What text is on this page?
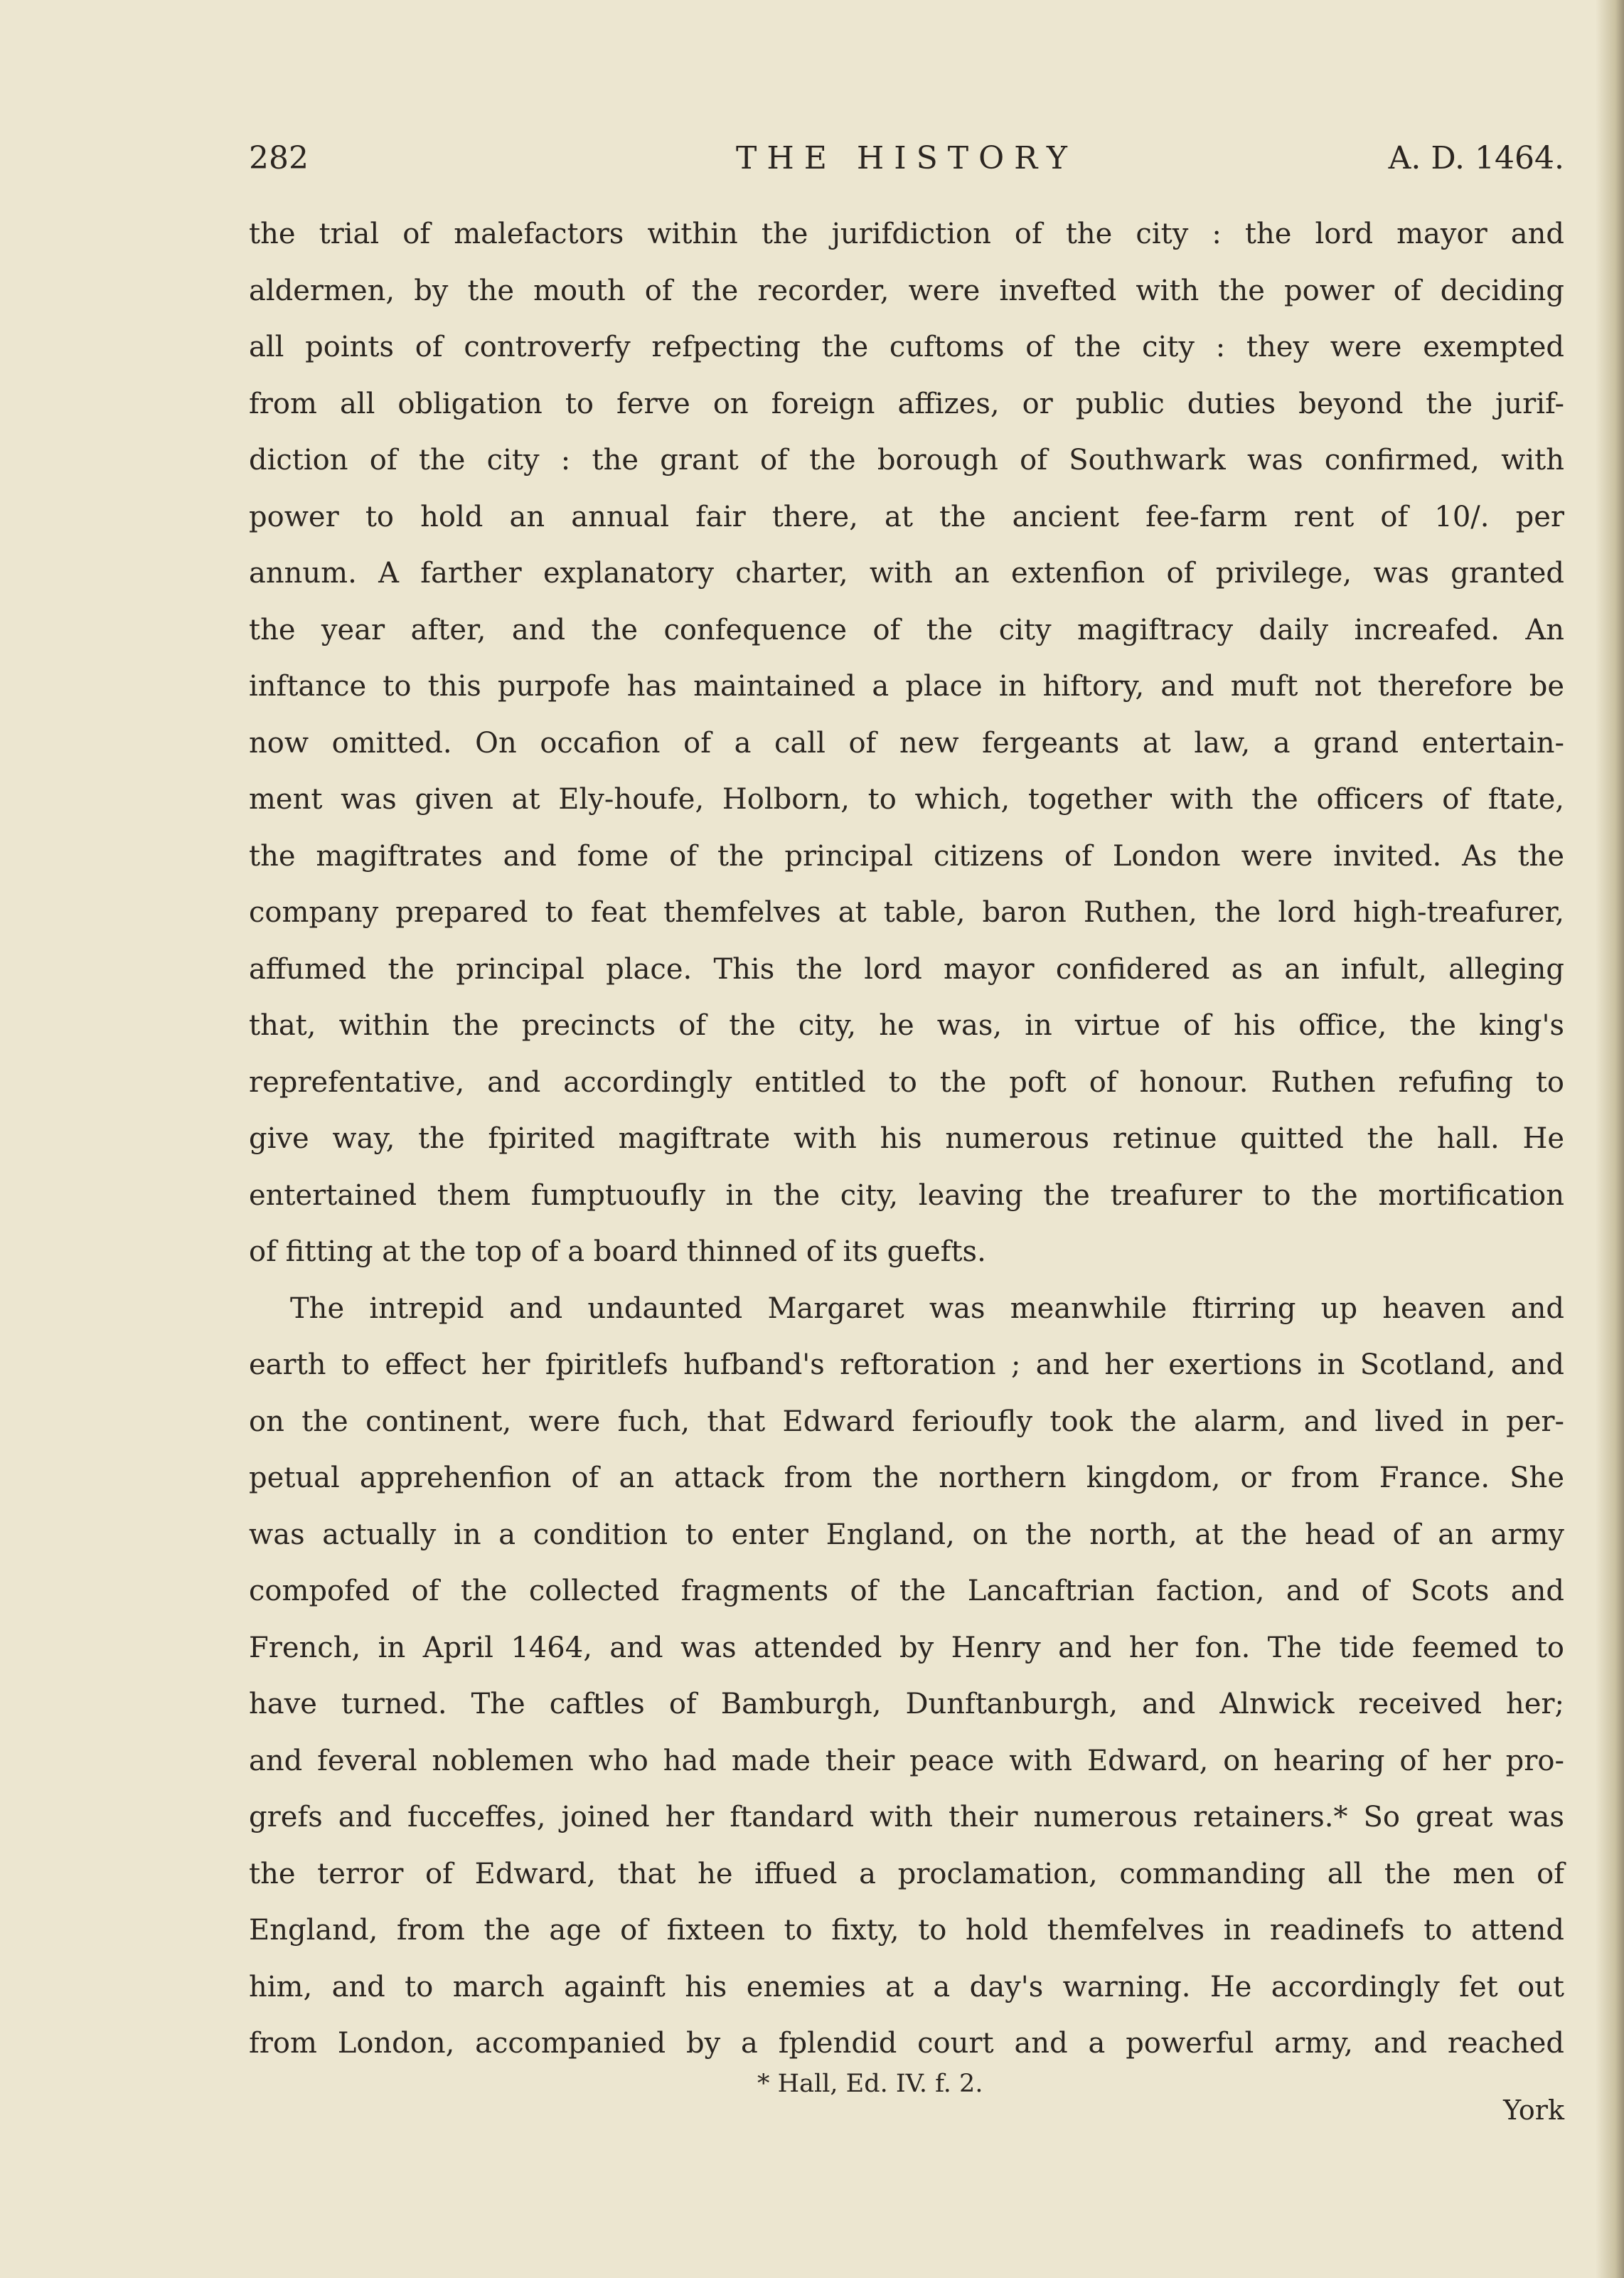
282	THE HISTORY	A. D. 1464.
the trial of malefactors within the jurifdiction of the city : the lord mayor and
aldermen, by the mouth of the recorder, were invefted with the power of deciding
all points of controverfy refpecting the cuftoms of the city : they were exempted
from all obligation to ferve on foreign affizes, or public duties beyond the jurif-
diction of the city : the grant of the borough of Southwark was confirmed, with
power to hold an annual fair there, at the ancient fee-farm rent of 10/. per
annum. A farther explanatory charter, with an extenfion of privilege, was granted
the year after, and the confequence of the city magiftracy daily increafed. An
inftance to this purpofe has maintained a place in hiftory, and muft not therefore be
now omitted. On occafion of a call of new fergeants at law, a grand entertain-
ment was given at Ely-houfe, Holborn, to which, together with the officers of ftate,
the magiftrates and fome of the principal citizens of London were invited. As the
company prepared to feat themfelves at table, baron Ruthen, the lord high-treafurer,
affumed the principal place. This the lord mayor confidered as an infult, alleging
that, within the precincts of the city, he was, in virtue of his office, the king's
reprefentative, and accordingly entitled to the poft of honour. Ruthen refufing to
give way, the fpirited magiftrate with his numerous retinue quitted the hall. He
entertained them fumptuoufly in the city, leaving the treafurer to the mortification
of fitting at the top of a board thinned of its guefts.
The intrepid and undaunted Margaret was meanwhile ftirring up heaven and
earth to effect her fpiritlefs hufband's reftoration ; and her exertions in Scotland, and
on the continent, were fuch, that Edward ferioufly took the alarm, and lived in per-
petual apprehenfion of an attack from the northern kingdom, or from France. She
was actually in a condition to enter England, on the north, at the head of an army
compofed of the collected fragments of the Lancaftrian faction, and of Scots and
French, in April 1464, and was attended by Henry and her fon. The tide feemed to
have turned. The caftles of Bamburgh, Dunftanburgh, and Alnwick received her;
and feveral noblemen who had made their peace with Edward, on hearing of her pro-
grefs and fucceffes, joined her ftandard with their numerous retainers.* So great was
the terror of Edward, that he iffued a proclamation, commanding all the men of
England, from the age of fixteen to fixty, to hold themfelves in readinefs to attend
him, and to march againft his enemies at a day's warning. He accordingly fet out
from London, accompanied by a fplendid court and a powerful army, and reached
* Hall, Ed. IV. f. 2.
York
